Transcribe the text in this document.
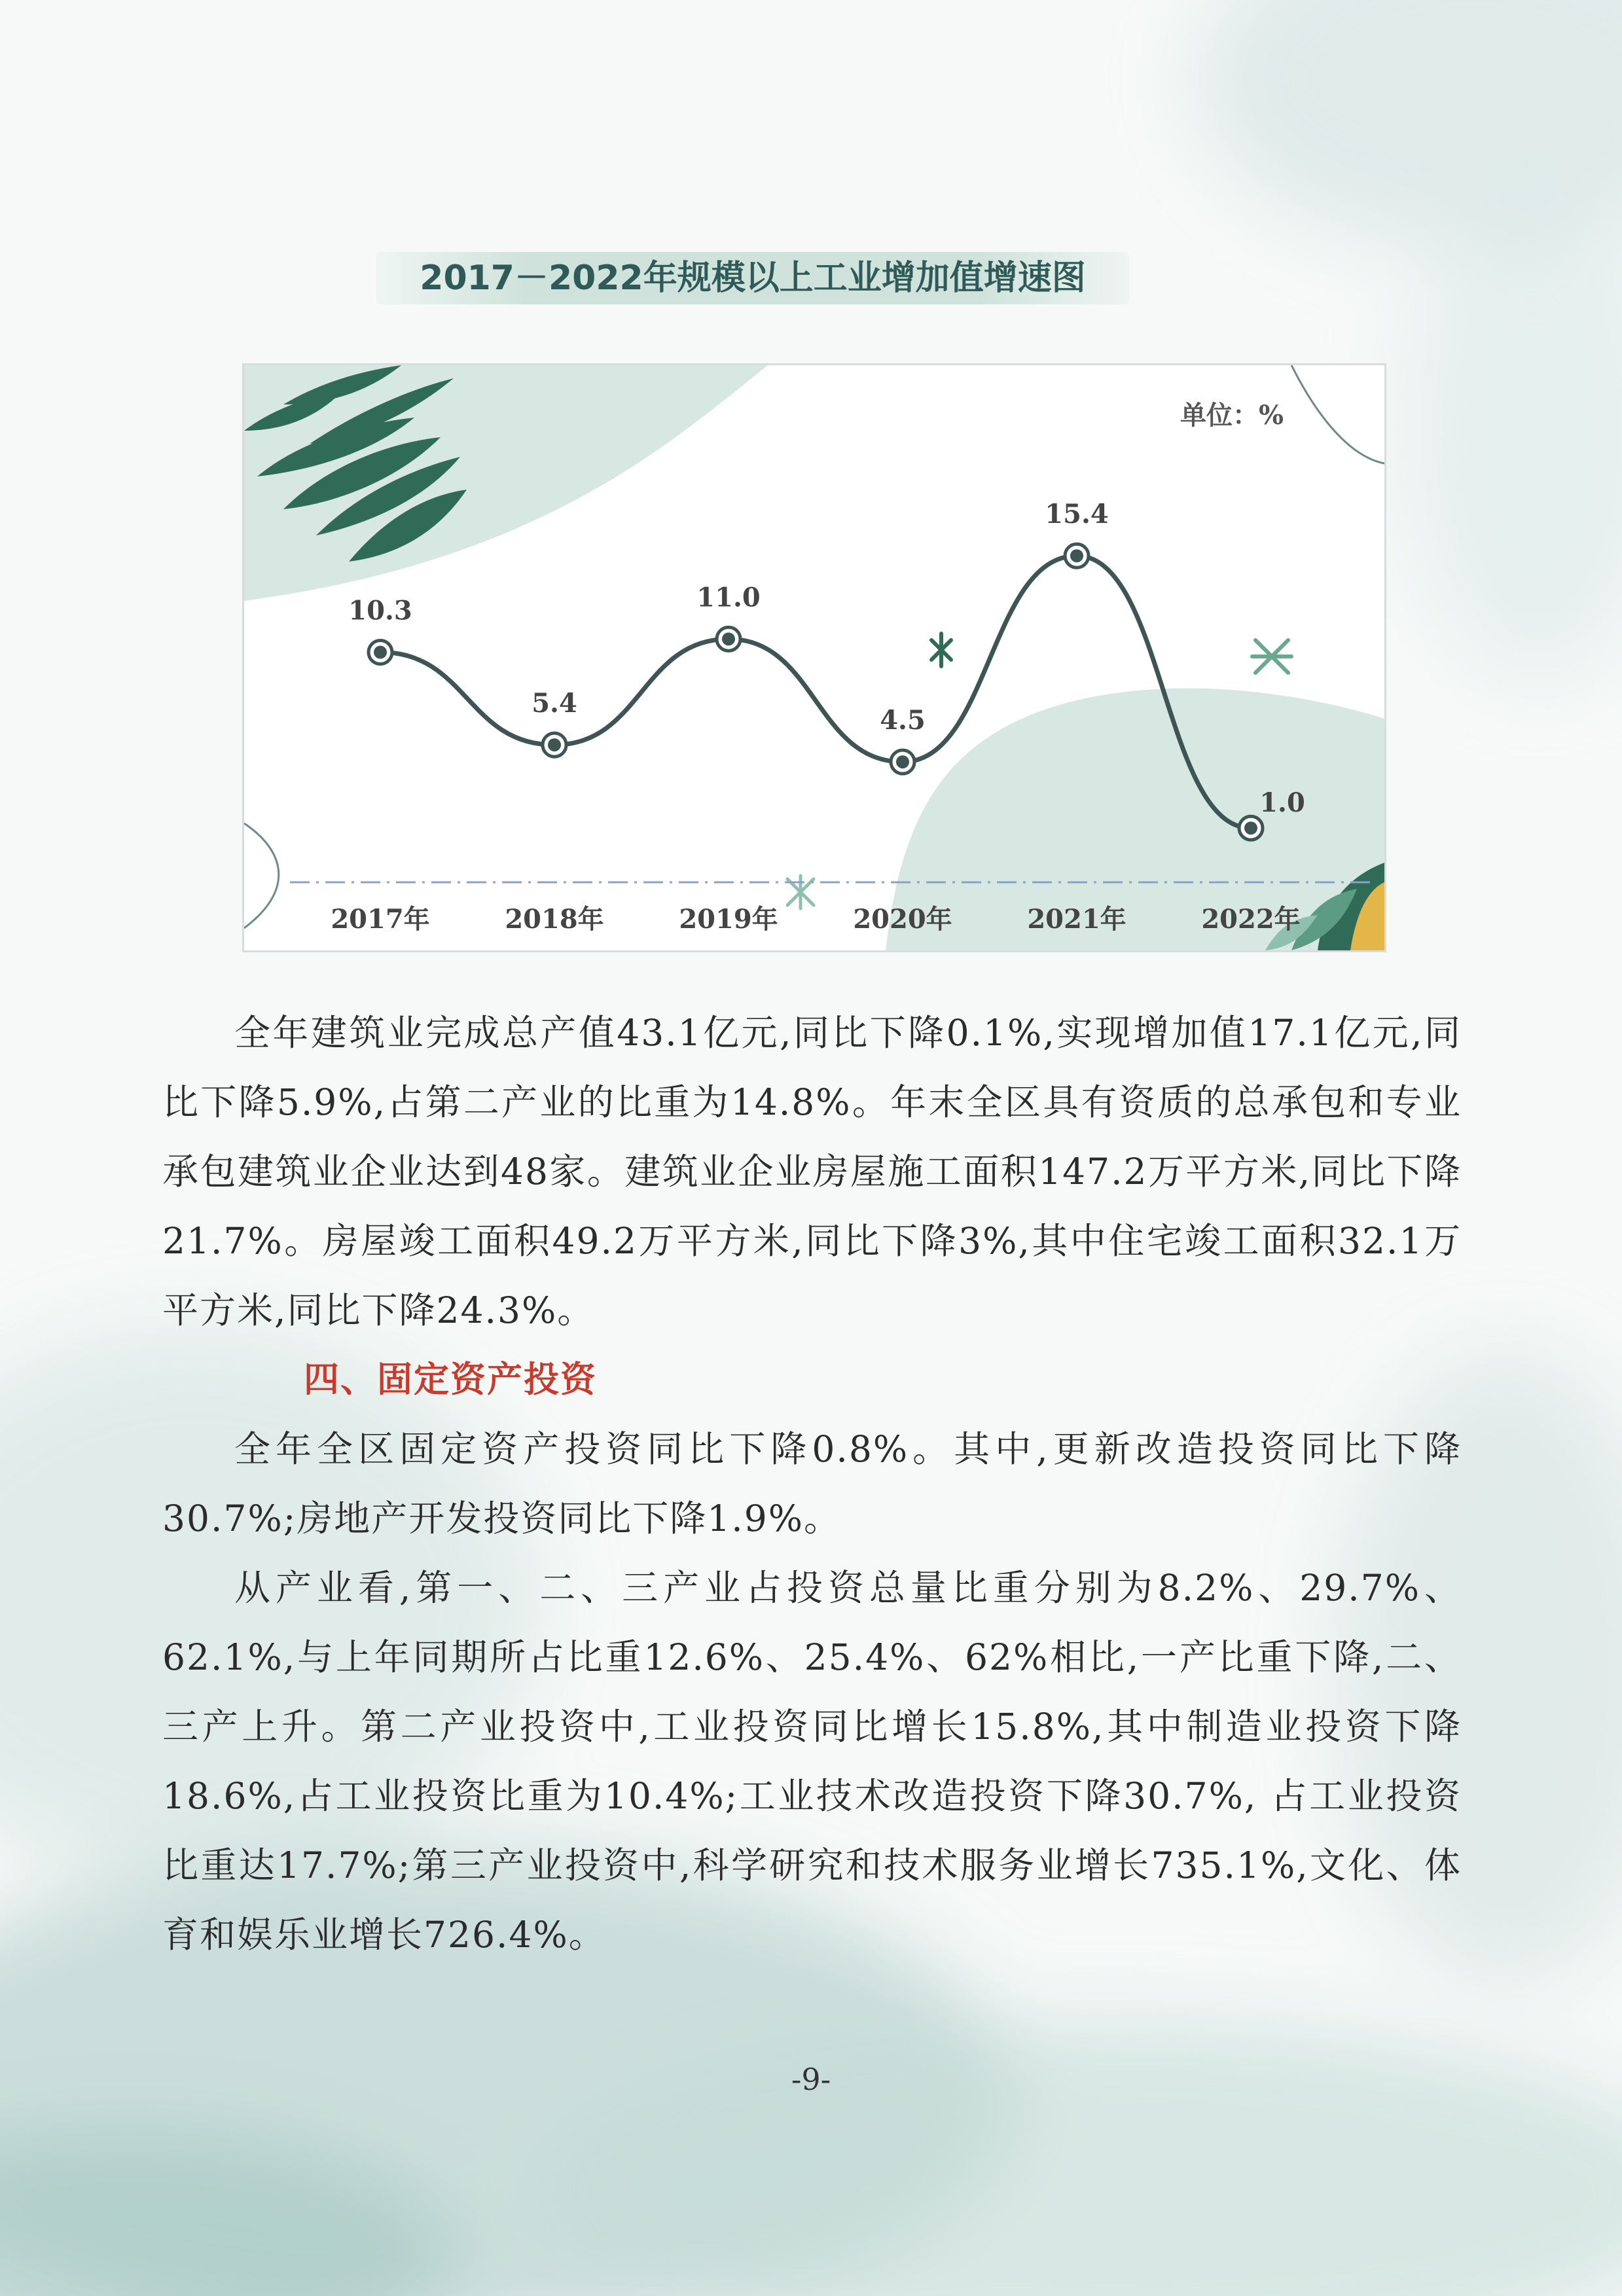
2017－2022年规模以上工业增加值增速图
10.3
2017年
5.4
2018年
11.0
2019年
4.5
2020年
15.4
2021年
1.0
2022年
单位：%

全年建筑业完成总产值43.1亿元,同比下降0.1%,实现增加值17.1亿元,同比下降5.9%,占第二产业的比重为14.8%。年末全区具有资质的总承包和专业承包建筑业企业达到48家。建筑业企业房屋施工面积147.2万平方米,同比下降21.7%。房屋竣工面积49.2万平方米,同比下降3%,其中住宅竣工面积32.1万平方米,同比下降24.3%。

四、固定资产投资

全年全区固定资产投资同比下降0.8%。其中,更新改造投资同比下降30.7%;房地产开发投资同比下降1.9%。

从产业看,第一、二、三产业占投资总量比重分别为8.2%、29.7%、62.1%,与上年同期所占比重12.6%、25.4%、62%相比,一产比重下降,二、三产上升。第二产业投资中,工业投资同比增长15.8%,其中制造业投资下降18.6%,占工业投资比重为10.4%;工业技术改造投资下降30.7%, 占工业投资比重达17.7%;第三产业投资中,科学研究和技术服务业增长735.1%,文化、体育和娱乐业增长726.4%。

-9-
